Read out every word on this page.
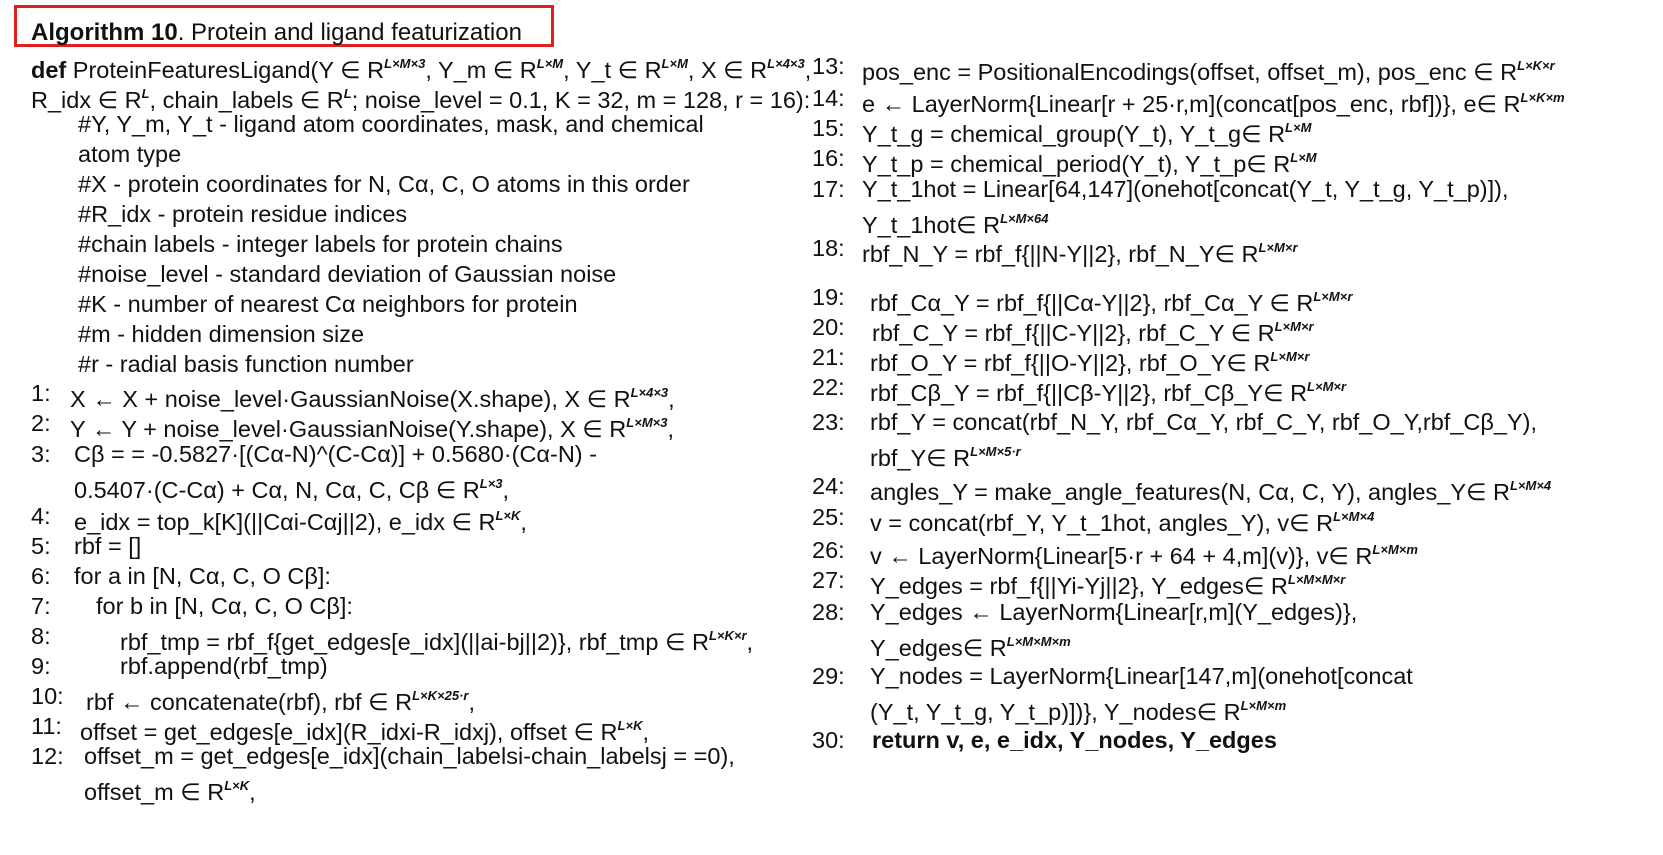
Algorithm 10. Protein and ligand featurization
def ProteinFeaturesLigand(Y ∈ $R^{L\times M\times 3}$, Y_m ∈ $R^{L\times M}$, Y_t ∈ $R^{L\times M}$, X ∈ $R^{L\times 4\times 3}$,
R_idx ∈ $R^L$, chain_labels ∈ $R^L$; noise_level = 0.1, K = 32, m = 128, r = 16):
#Y, Y_m, Y_t - ligand atom coordinates, mask, and chemical
atom type
#X - protein coordinates for N, Cα, C, O atoms in this order
#R_idx - protein residue indices
#chain labels - integer labels for protein chains
#noise_level - standard deviation of Gaussian noise
#K - number of nearest Cα neighbors for protein
#m - hidden dimension size
#r - radial basis function number
1: X ← X + noise_level·GaussianNoise(X.shape), X ∈ $R^{L\times 4\times 3}$,
2: Y ← Y + noise_level·GaussianNoise(Y.shape), X ∈ $R^{L\times M\times 3}$,
3: Cβ = = -0.5827·[(Cα-N)^(C-Cα)] + 0.5680·(Cα-N) -
0.5407·(C-Cα) + Cα, N, Cα, C, Cβ ∈ $R^{L\times 3}$,
4: e_idx = top_k[K](||Cαi-Cαj||2), e_idx ∈ $R^{L\times K}$,
5: rbf = []
6: for a in [N, Cα, C, O Cβ]:
7: for b in [N, Cα, C, O Cβ]:
8:	rbf_tmp = rbf_f{get_edges[e_idx](||ai-bj||2)}, rbf_tmp ∈ $R^{L\times K\times r}$,
9:	rbf.append(rbf_tmp)
10: rbf ← concatenate(rbf), rbf ∈ $R^{L\times K\times 25\cdot r}$,
11: offset = get_edges[e_idx](R_idxi-R_idxj), offset ∈ $R^{L\times K}$,
12: offset_m = get_edges[e_idx](chain_labelsi-chain_labelsj = =0),
offset_m ∈ $R^{L\times K}$,
13: pos_enc = PositionalEncodings(offset, offset_m), pos_enc ∈ $R^{L\times K\times r}$
14: e ← LayerNorm{Linear[r + 25·r,m](concat[pos_enc, rbf])}, e∈ $R^{L\times K\times m}$
15: Y_t_g = chemical_group(Y_t), Y_t_g∈ $R^{L\times M}$
16: Y_t_p = chemical_period(Y_t), Y_t_p∈ $R^{L\times M}$
17: Y_t_1hot = Linear[64,147](onehot[concat(Y_t, Y_t_g, Y_t_p)]),
Y_t_1hot∈ $R^{L\times M\times 64}$
18: rbf_N_Y = rbf_f{||N-Y||2}, rbf_N_Y∈ $R^{L\times M\times r}$
19: rbf_Cα_Y = rbf_f{||Cα-Y||2}, rbf_Cα_Y ∈ $R^{L\times M\times r}$
20: rbf_C_Y = rbf_f{||C-Y||2}, rbf_C_Y ∈ $R^{L\times M\times r}$
21: rbf_O_Y = rbf_f{||O-Y||2}, rbf_O_Y∈ $R^{L\times M\times r}$
22: rbf_Cβ_Y = rbf_f{||Cβ-Y||2}, rbf_Cβ_Y∈ $R^{L\times M\times r}$
23: rbf_Y = concat(rbf_N_Y, rbf_Cα_Y, rbf_C_Y, rbf_O_Y,rbf_Cβ_Y),
rbf_Y∈ $R^{L\times M\times 5\cdot r}$
24: angles_Y = make_angle_features(N, Cα, C, Y), angles_Y∈ $R^{L\times M\times 4}$
25: v = concat(rbf_Y, Y_t_1hot, angles_Y), v∈ $R^{L\times M\times 4}$
26: v ← LayerNorm{Linear[5·r + 64 + 4,m](v)}, v∈ $R^{L\times M\times m}$
27: Y_edges = rbf_f{||Yi-Yj||2}, Y_edges∈ $R^{L\times M\times M\times r}$
28: Y_edges ← LayerNorm{Linear[r,m](Y_edges)},
Y_edges∈ $R^{L\times M\times M\times m}$
29: Y_nodes = LayerNorm{Linear[147,m](onehot[concat
(Y_t, Y_t_g, Y_t_p)])}, Y_nodes∈ $R^{L\times M\times m}$
30: return v, e, e_idx, Y_nodes, Y_edges
